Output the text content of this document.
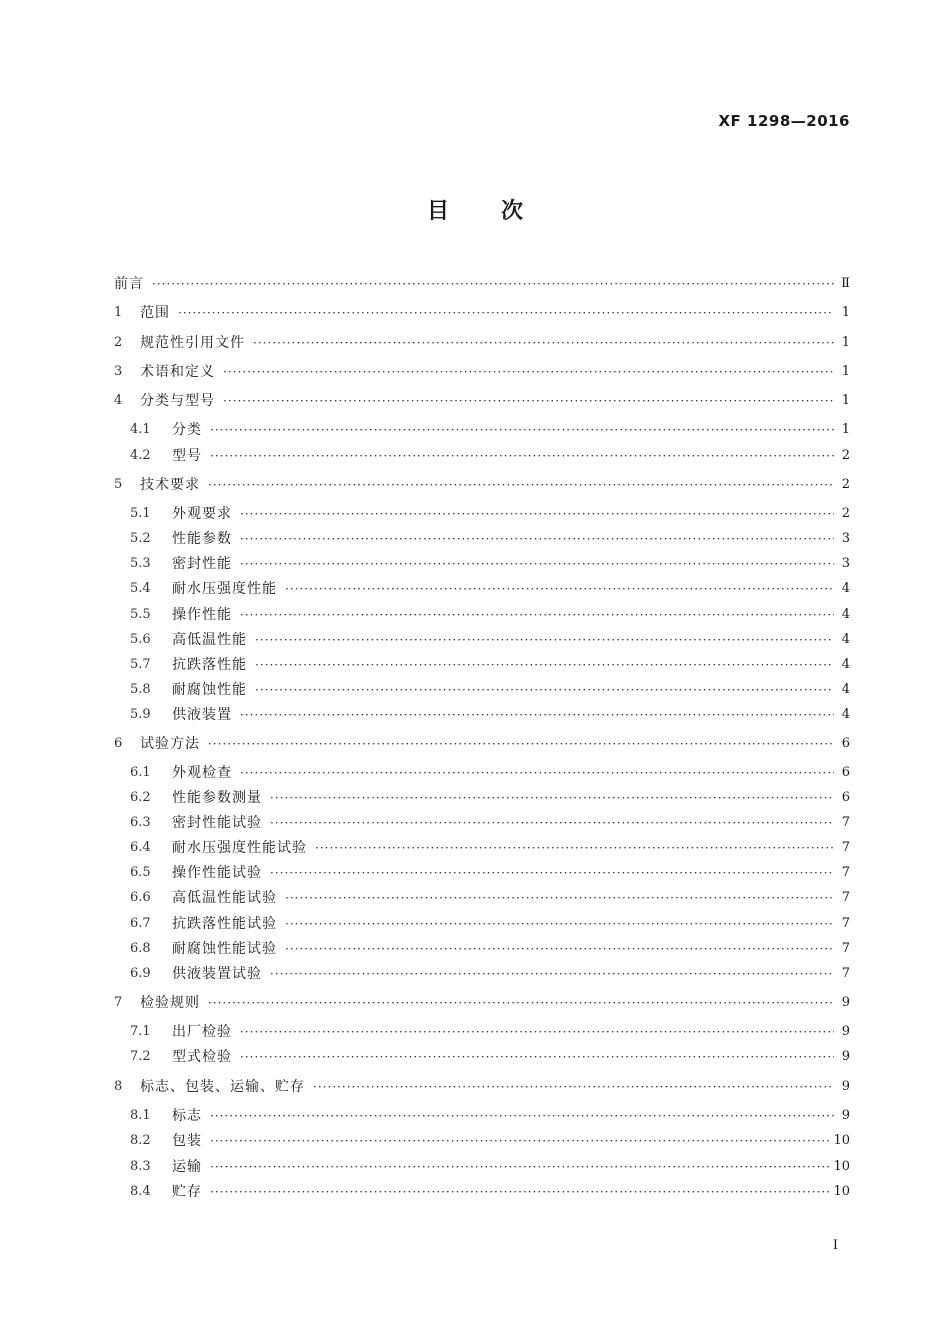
XF 1298—2016
目次
前言 ·····	Ⅱ
1	范围 ·····	1
2	规范性引用文件 ·····	1
3	术语和定义 ·····	1
4	分类与型号 ·····	1
4.1	分类 ·····	1
4.2	型号 ·····	2
5	技术要求 ·····	2
5.1	外观要求 ·····	2
5.2	性能参数 ·····	3
5.3	密封性能 ·····	3
5.4	耐水压强度性能 ·····	4
5.5	操作性能 ·····	4
5.6	高低温性能 ·····	4
5.7	抗跌落性能 ·····	4
5.8	耐腐蚀性能 ·····	4
5.9	供液装置 ·····	4
6	试验方法 ·····	6
6.1	外观检查 ·····	6
6.2	性能参数测量 ·····	6
6.3	密封性能试验 ·····	7
6.4	耐水压强度性能试验 ·····	7
6.5	操作性能试验 ·····	7
6.6	高低温性能试验 ·····	7
6.7	抗跌落性能试验 ·····	7
6.8	耐腐蚀性能试验 ·····	7
6.9	供液装置试验 ·····	7
7	检验规则 ·····	9
7.1	出厂检验 ·····	9
7.2	型式检验 ·····	9
8	标志、包装、运输、贮存 ·····	9
8.1	标志 ·····	9
8.2	包装 ·····	10
8.3	运输 ·····	10
8.4	贮存 ·····	10
I
